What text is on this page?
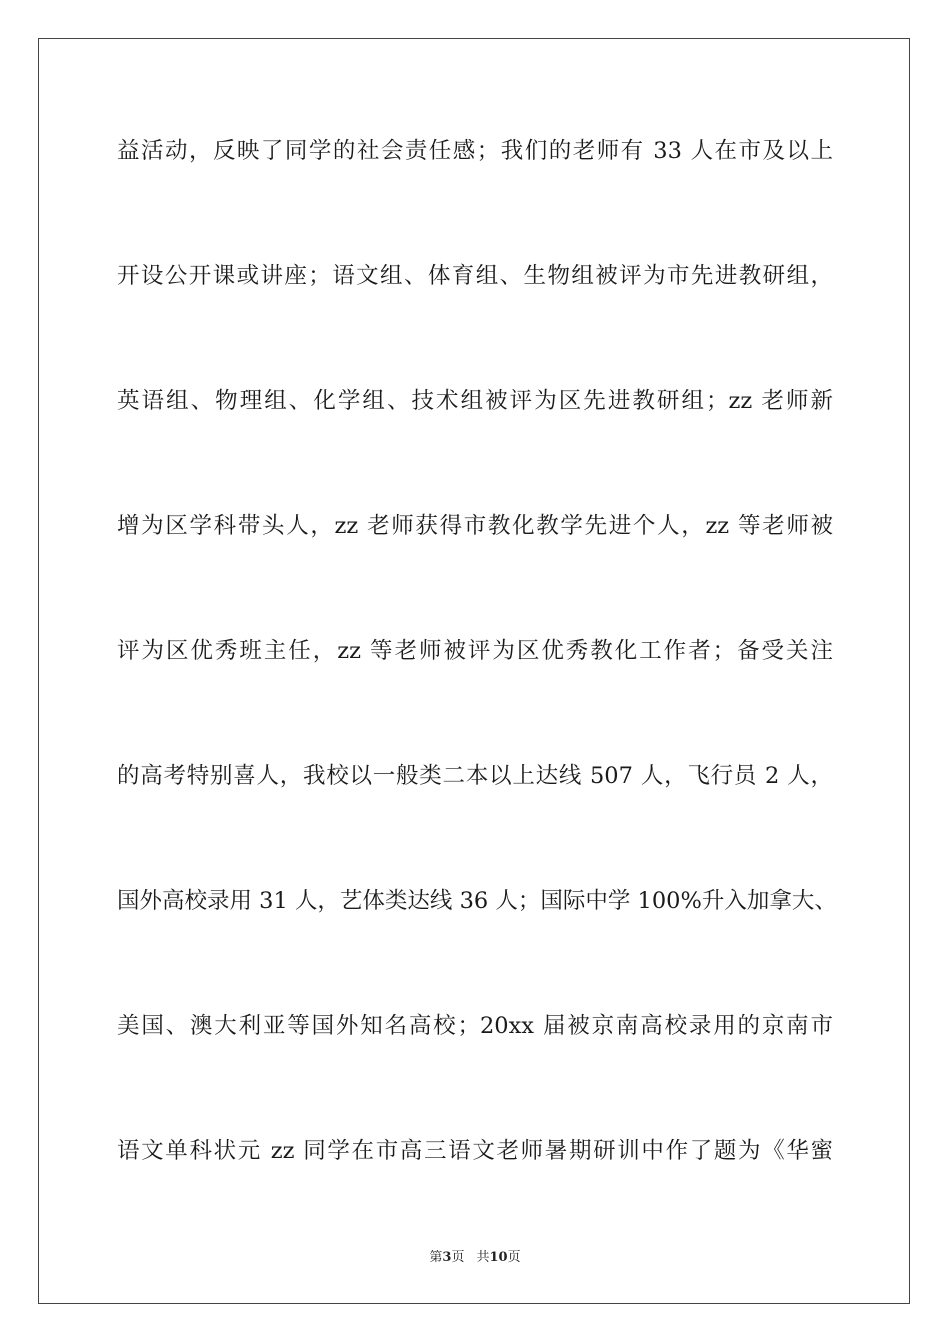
益活动，反映了同学的社会责任感；我们的老师有 33 人在市及以上
开设公开课或讲座；语文组、体育组、生物组被评为市先进教研组，
英语组、物理组、化学组、技术组被评为区先进教研组；zz 老师新
增为区学科带头人，zz 老师获得市教化教学先进个人，zz 等老师被
评为区优秀班主任，zz 等老师被评为区优秀教化工作者；备受关注
的高考特别喜人，我校以一般类二本以上达线 507 人，飞行员 2 人，
国外高校录用 31 人，艺体类达线 36 人；国际中学 100%升入加拿大、
美国、澳大利亚等国外知名高校；20xx 届被京南高校录用的京南市
语文单科状元 zz 同学在市高三语文老师暑期研训中作了题为《华蜜
第3页 共10页
